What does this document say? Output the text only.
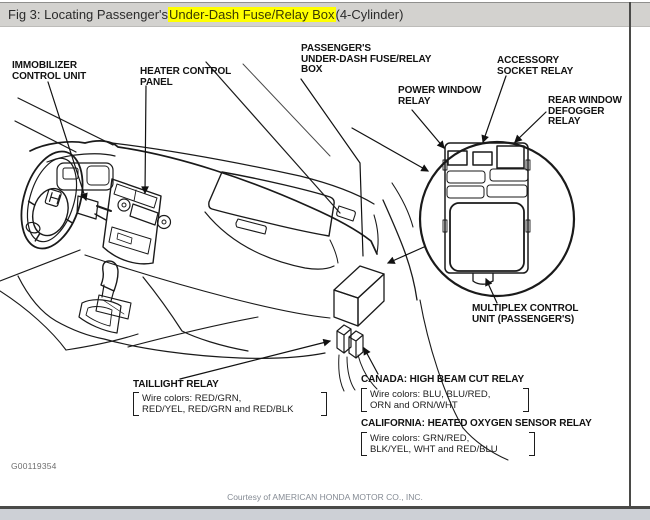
Fig 3: Locating Passenger's Under-Dash Fuse/Relay Box (4-Cylinder)
IMMOBILIZER
CONTROL UNIT	HEATER CONTROL
PANEL
PASSENGER'S
UNDER-DASH FUSE/RELAY
BOX
POWER WINDOW
RELAY
ACCESSORY
SOCKET RELAY
REAR WINDOW
DEFOGGER
RELAY
MULTIPLEX CONTROL
UNIT (PASSENGER'S)
TAILLIGHT RELAY
Wire colors: RED/GRN,
RED/YEL, RED/GRN and RED/BLK
CANADA: HIGH BEAM CUT RELAY
Wire colors: BLU, BLU/RED,
ORN and ORN/WHT
CALIFORNIA: HEATED OXYGEN SENSOR RELAY
Wire colors: GRN/RED,
BLK/YEL, WHT and RED/BLU
G00119354
Courtesy of AMERICAN HONDA MOTOR CO., INC.
